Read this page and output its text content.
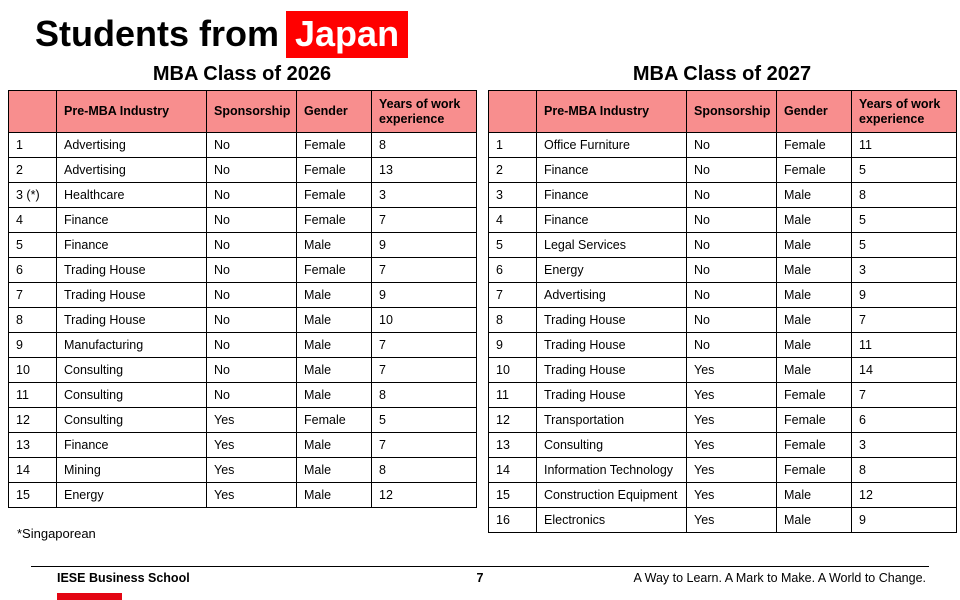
Students from Japan
MBA Class of 2026
	Pre-MBA Industry	Sponsorship	Gender	Years of work experience
1	Advertising	No	Female	8
2	Advertising	No	Female	13
3 (*)	Healthcare	No	Female	3
4	Finance	No	Female	7
5	Finance	No	Male	9
6	Trading House	No	Female	7
7	Trading House	No	Male	9
8	Trading House	No	Male	10
9	Manufacturing	No	Male	7
10	Consulting	No	Male	7
11	Consulting	No	Male	8
12	Consulting	Yes	Female	5
13	Finance	Yes	Male	7
14	Mining	Yes	Male	8
15	Energy	Yes	Male	12
MBA Class of 2027
	Pre-MBA Industry	Sponsorship	Gender	Years of work experience
1	Office Furniture	No	Female	11
2	Finance	No	Female	5
3	Finance	No	Male	8
4	Finance	No	Male	5
5	Legal Services	No	Male	5
6	Energy	No	Male	3
7	Advertising	No	Male	9
8	Trading House	No	Male	7
9	Trading House	No	Male	11
10	Trading House	Yes	Male	14
11	Trading House	Yes	Female	7
12	Transportation	Yes	Female	6
13	Consulting	Yes	Female	3
14	Information Technology	Yes	Female	8
15	Construction Equipment	Yes	Male	12
16	Electronics	Yes	Male	9
*Singaporean
IESE Business School	7	A Way to Learn. A Mark to Make. A World to Change.
